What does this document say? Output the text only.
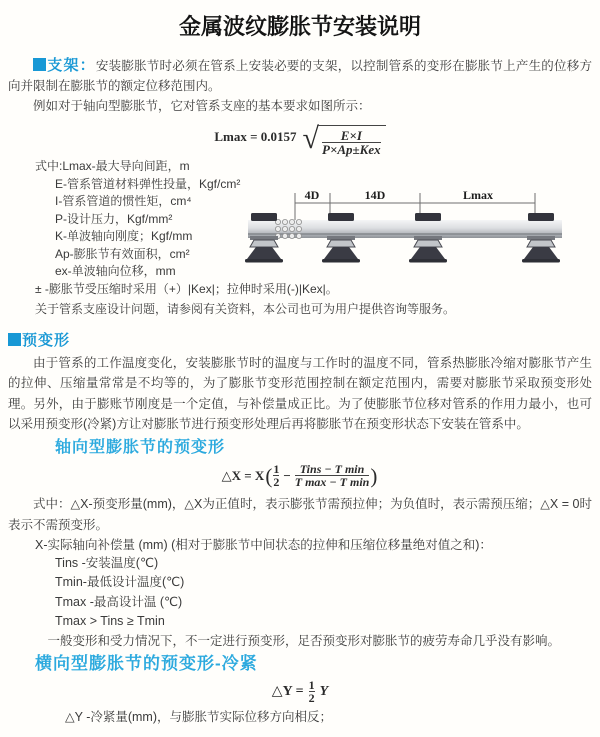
金属波纹膨胀节安装说明

支架：安装膨胀节时必须在管系上安装必要的支架，以控制管系的变形在膨胀节上产生的位移方向并限制在膨胀节的额定位移范围内。

例如对于轴向型膨胀节，它对管系支座的基本要求如图所示：

Lmax = 0.0157 √ $\frac{E\times I}{\text{P×Ap±Kex}}$

式中:Lmax-最大导向间距，m

E-管系管道材料弹性投量，Kgf/cm²

I-管系管道的惯性矩，cm⁴

P-设计压力，Kgf/mm²

K-单波轴向刚度；Kgf/mm

Ap-膨胀节有效面积，cm²

ex-单波轴向位移，mm

± -膨胀节受压缩时采用（+）|Kex|；拉伸时采用(-)|Kex|。

关于管系支座设计问题，请参阅有关资料，本公司也可为用户提供咨询等服务。

4D	14D	Lmax
预变形

由于管系的工作温度变化，安装膨胀节时的温度与工作时的温度不同，管系热膨胀冷缩对膨胀节产生的拉伸、压缩量常常是不均等的，为了膨胀节变形范围控制在额定范围内，需要对膨胀节采取预变形处理。另外，由于膨账节刚度是一个定值，与补偿量成正比。为了使膨胀节位移对管系的作用力最小，也可以采用预变形(冷紧)方让对膨胀节进行预变形处理后再将膨胀节在预变形状态下安装在管系中。

轴向型膨胀节的预变形
△X = X ( $\frac{1}{2} - \frac{\text{Tins − T min}}{\text{T max − T min}}$ )

式中：△X-预变形量(mm)，△X为正值时，表示膨张节需预拉伸；为负值时，表示需预压缩；△X = 0时表示不需预变形。

X-实际轴向补偿量 (mm) (相对于膨胀节中间状态的拉伸和压缩位移量绝对值之和)：

Tins -安装温度(℃)

Tmin-最低设计温度(℃)

Tmax -最高设计温 (℃)

Tmax > Tins ≥ Tmin

一般变形和受力情况下，不一定进行预变形，足否预变形对膨胀节的疲劳寿命几乎没有影响。

横向型膨胀节的预变形-冷紧
△Y = $\frac{1}{2}$ Y

△Y -冷紧量(mm)，与膨胀节实际位移方向相反；
